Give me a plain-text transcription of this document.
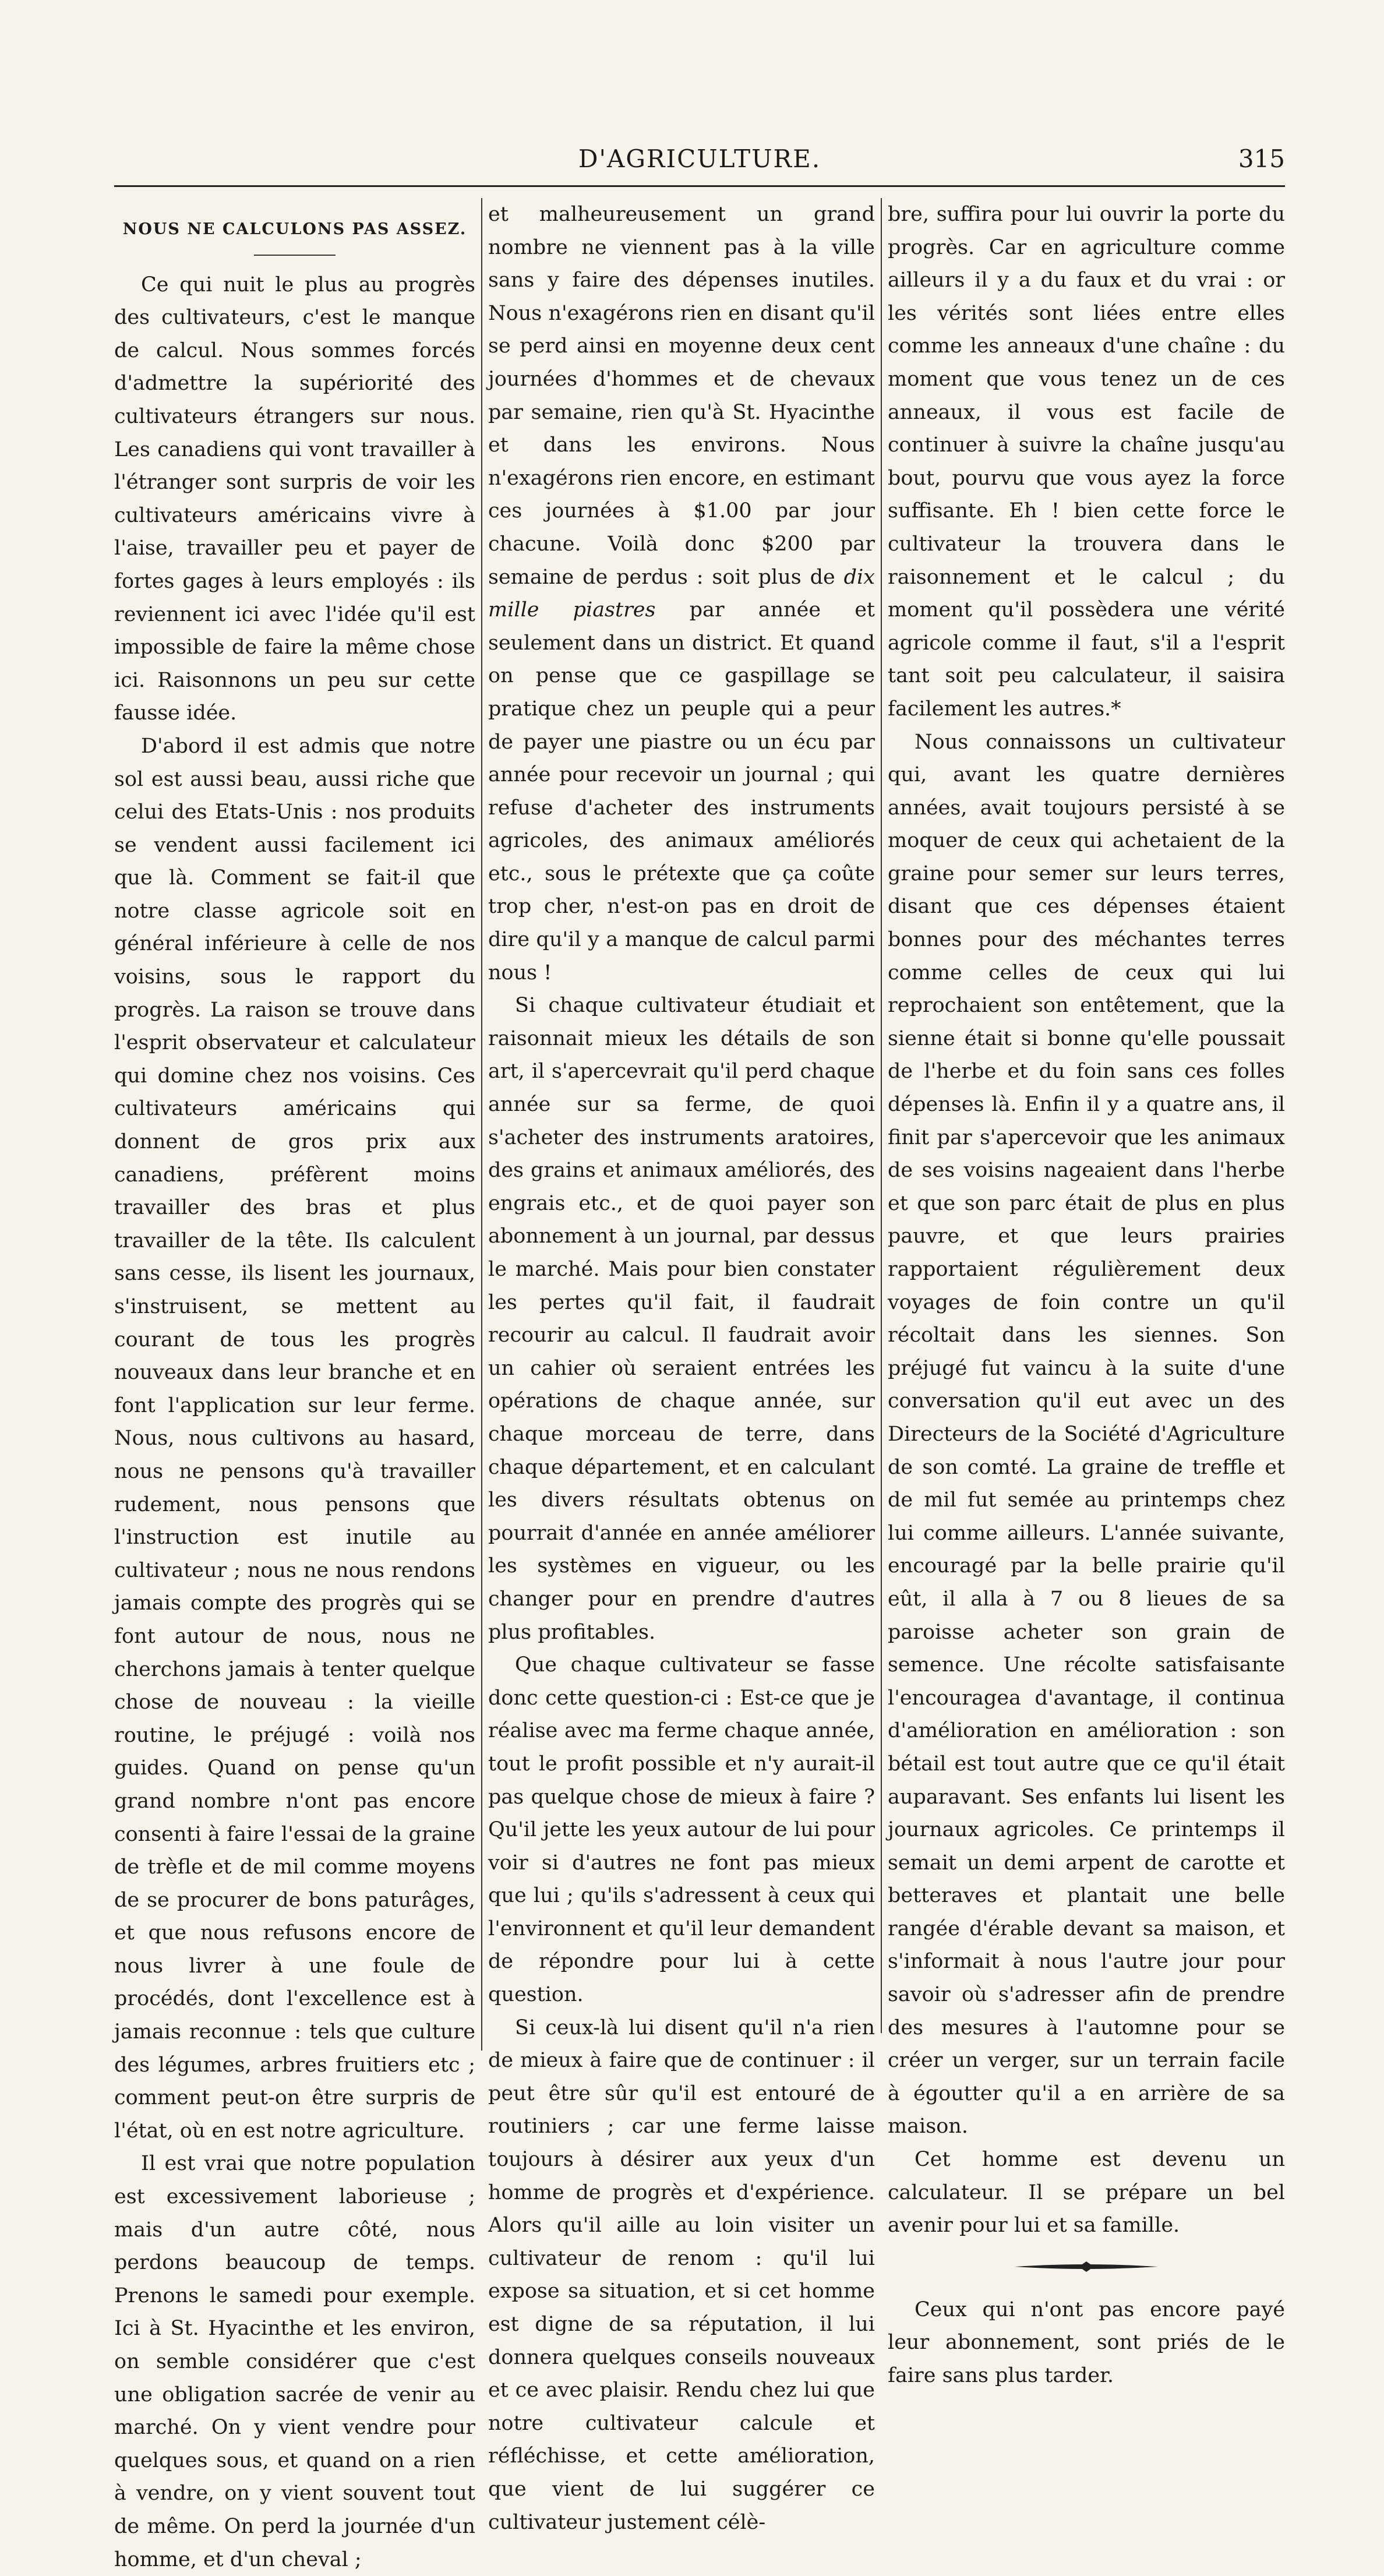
D'AGRICULTURE.	315
NOUS NE CALCULONS PAS ASSEZ.

Ce qui nuit le plus au progrès des cultivateurs, c'est le manque de calcul. Nous sommes forcés d'admettre la supériorité des cultivateurs étrangers sur nous. Les canadiens qui vont travailler à l'étranger sont surpris de voir les cultivateurs américains vivre à l'aise, travailler peu et payer de fortes gages à leurs employés : ils reviennent ici avec l'idée qu'il est impossible de faire la même chose ici. Raisonnons un peu sur cette fausse idée.

D'abord il est admis que notre sol est aussi beau, aussi riche que celui des Etats-Unis : nos produits se vendent aussi facilement ici que là. Comment se fait-il que notre classe agricole soit en général inférieure à celle de nos voisins, sous le rapport du progrès. La raison se trouve dans l'esprit observateur et calculateur qui domine chez nos voisins. Ces cultivateurs américains qui donnent de gros prix aux canadiens, préfèrent moins travailler des bras et plus travailler de la tête. Ils calculent sans cesse, ils lisent les journaux, s'instruisent, se mettent au courant de tous les progrès nouveaux dans leur branche et en font l'application sur leur ferme. Nous, nous cultivons au hasard, nous ne pensons qu'à travailler rudement, nous pensons que l'instruction est inutile au cultivateur ; nous ne nous rendons jamais compte des progrès qui se font autour de nous, nous ne cherchons jamais à tenter quelque chose de nouveau : la vieille routine, le préjugé : voilà nos guides. Quand on pense qu'un grand nombre n'ont pas encore consenti à faire l'essai de la graine de trèfle et de mil comme moyens de se procurer de bons paturâges, et que nous refusons encore de nous livrer à une foule de procédés, dont l'excellence est à jamais reconnue : tels que culture des légumes, arbres fruitiers etc ; comment peut-on être surpris de l'état, où en est notre agriculture.

Il est vrai que notre population est excessivement laborieuse ; mais d'un autre côté, nous perdons beaucoup de temps. Prenons le samedi pour exemple. Ici à St. Hyacinthe et les environ, on semble considérer que c'est une obligation sacrée de venir au marché. On y vient vendre pour quelques sous, et quand on a rien à vendre, on y vient souvent tout de même. On perd la journée d'un homme, et d'un cheval ;

et malheureusement un grand nombre ne viennent pas à la ville sans y faire des dépenses inutiles. Nous n'exagérons rien en disant qu'il se perd ainsi en moyenne deux cent journées d'hommes et de chevaux par semaine, rien qu'à St. Hyacinthe et dans les environs. Nous n'exagérons rien encore, en estimant ces journées à $1.00 par jour chacune. Voilà donc $200 par semaine de perdus : soit plus de dix mille piastres par année et seulement dans un district. Et quand on pense que ce gaspillage se pratique chez un peuple qui a peur de payer une piastre ou un écu par année pour recevoir un journal ; qui refuse d'acheter des instruments agricoles, des animaux améliorés etc., sous le prétexte que ça coûte trop cher, n'est-on pas en droit de dire qu'il y a manque de calcul parmi nous !

Si chaque cultivateur étudiait et raisonnait mieux les détails de son art, il s'apercevrait qu'il perd chaque année sur sa ferme, de quoi s'acheter des instruments aratoires, des grains et animaux améliorés, des engrais etc., et de quoi payer son abonnement à un journal, par dessus le marché. Mais pour bien constater les pertes qu'il fait, il faudrait recourir au calcul. Il faudrait avoir un cahier où seraient entrées les opérations de chaque année, sur chaque morceau de terre, dans chaque département, et en calculant les divers résultats obtenus on pourrait d'année en année améliorer les systèmes en vigueur, ou les changer pour en prendre d'autres plus profitables.

Que chaque cultivateur se fasse donc cette question-ci : Est-ce que je réalise avec ma ferme chaque année, tout le profit possible et n'y aurait-il pas quelque chose de mieux à faire ? Qu'il jette les yeux autour de lui pour voir si d'autres ne font pas mieux que lui ; qu'ils s'adressent à ceux qui l'environnent et qu'il leur demandent de répondre pour lui à cette question.

Si ceux-là lui disent qu'il n'a rien de mieux à faire que de continuer : il peut être sûr qu'il est entouré de routiniers ; car une ferme laisse toujours à désirer aux yeux d'un homme de progrès et d'expérience. Alors qu'il aille au loin visiter un cultivateur de renom : qu'il lui expose sa situation, et si cet homme est digne de sa réputation, il lui donnera quelques conseils nouveaux et ce avec plaisir. Rendu chez lui que notre cultivateur calcule et réfléchisse, et cette amélioration, que vient de lui suggérer ce cultivateur justement célè-

bre, suffira pour lui ouvrir la porte du progrès. Car en agriculture comme ailleurs il y a du faux et du vrai : or les vérités sont liées entre elles comme les anneaux d'une chaîne : du moment que vous tenez un de ces anneaux, il vous est facile de continuer à suivre la chaîne jusqu'au bout, pourvu que vous ayez la force suffisante. Eh ! bien cette force le cultivateur la trouvera dans le raisonnement et le calcul ; du moment qu'il possèdera une vérité agricole comme il faut, s'il a l'esprit tant soit peu calculateur, il saisira facilement les autres.*

Nous connaissons un cultivateur qui, avant les quatre dernières années, avait toujours persisté à se moquer de ceux qui achetaient de la graine pour semer sur leurs terres, disant que ces dépenses étaient bonnes pour des méchantes terres comme celles de ceux qui lui reprochaient son entêtement, que la sienne était si bonne qu'elle poussait de l'herbe et du foin sans ces folles dépenses là. Enfin il y a quatre ans, il finit par s'apercevoir que les animaux de ses voisins nageaient dans l'herbe et que son parc était de plus en plus pauvre, et que leurs prairies rapportaient régulièrement deux voyages de foin contre un qu'il récoltait dans les siennes. Son préjugé fut vaincu à la suite d'une conversation qu'il eut avec un des Directeurs de la Société d'Agriculture de son comté. La graine de treffle et de mil fut semée au printemps chez lui comme ailleurs. L'année suivante, encouragé par la belle prairie qu'il eût, il alla à 7 ou 8 lieues de sa paroisse acheter son grain de semence. Une récolte satisfaisante l'encouragea d'avantage, il continua d'amélioration en amélioration : son bétail est tout autre que ce qu'il était auparavant. Ses enfants lui lisent les journaux agricoles. Ce printemps il semait un demi arpent de carotte et betteraves et plantait une belle rangée d'érable devant sa maison, et s'informait à nous l'autre jour pour savoir où s'adresser afin de prendre des mesures à l'automne pour se créer un verger, sur un terrain facile à égoutter qu'il a en arrière de sa maison.

Cet homme est devenu un calculateur. Il se prépare un bel avenir pour lui et sa famille.

Ceux qui n'ont pas encore payé leur abonnement, sont priés de le faire sans plus tarder.
